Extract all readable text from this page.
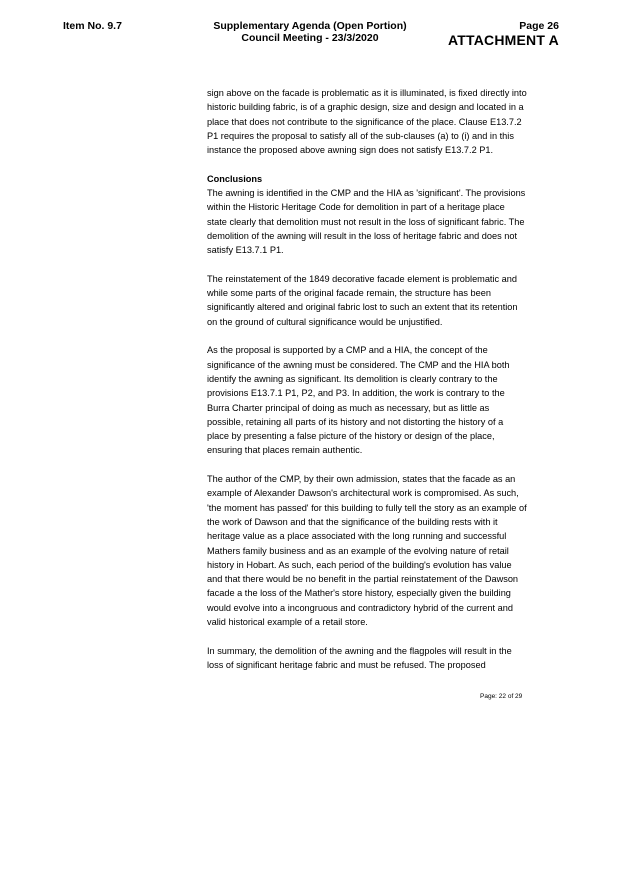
Item No. 9.7	Supplementary Agenda (Open Portion)
Council Meeting - 23/3/2020
Page 26
ATTACHMENT A

sign above on the facade is problematic as it is illuminated, is fixed directly into historic building fabric, is of a graphic design, size and design and located in a place that does not contribute to the significance of the place. Clause E13.7.2 P1 requires the proposal to satisfy all of the sub-clauses (a) to (i) and in this instance the proposed above awning sign does not satisfy E13.7.2 P1.

Conclusions

The awning is identified in the CMP and the HIA as 'significant'. The provisions within the Historic Heritage Code for demolition in part of a heritage place state clearly that demolition must not result in the loss of significant fabric. The demolition of the awning will result in the loss of heritage fabric and does not satisfy E13.7.1 P1.

The reinstatement of the 1849 decorative facade element is problematic and while some parts of the original facade remain, the structure has been significantly altered and original fabric lost to such an extent that its retention on the ground of cultural significance would be unjustified.

As the proposal is supported by a CMP and a HIA, the concept of the significance of the awning must be considered. The CMP and the HIA both identify the awning as significant. Its demolition is clearly contrary to the provisions E13.7.1 P1, P2, and P3. In addition, the work is contrary to the Burra Charter principal of doing as much as necessary, but as little as possible, retaining all parts of its history and not distorting the history of a place by presenting a false picture of the history or design of the place, ensuring that places remain authentic.

The author of the CMP, by their own admission, states that the facade as an example of Alexander Dawson's architectural work is compromised. As such, 'the moment has passed' for this building to fully tell the story as an example of the work of Dawson and that the significance of the building rests with it heritage value as a place associated with the long running and successful Mathers family business and as an example of the evolving nature of retail history in Hobart. As such, each period of the building's evolution has value and that there would be no benefit in the partial reinstatement of the Dawson facade a the loss of the Mather's store history, especially given the building would evolve into a incongruous and contradictory hybrid of the current and valid historical example of a retail store.

In summary, the demolition of the awning and the flagpoles will result in the loss of significant heritage fabric and must be refused. The proposed

Page: 22 of 29
